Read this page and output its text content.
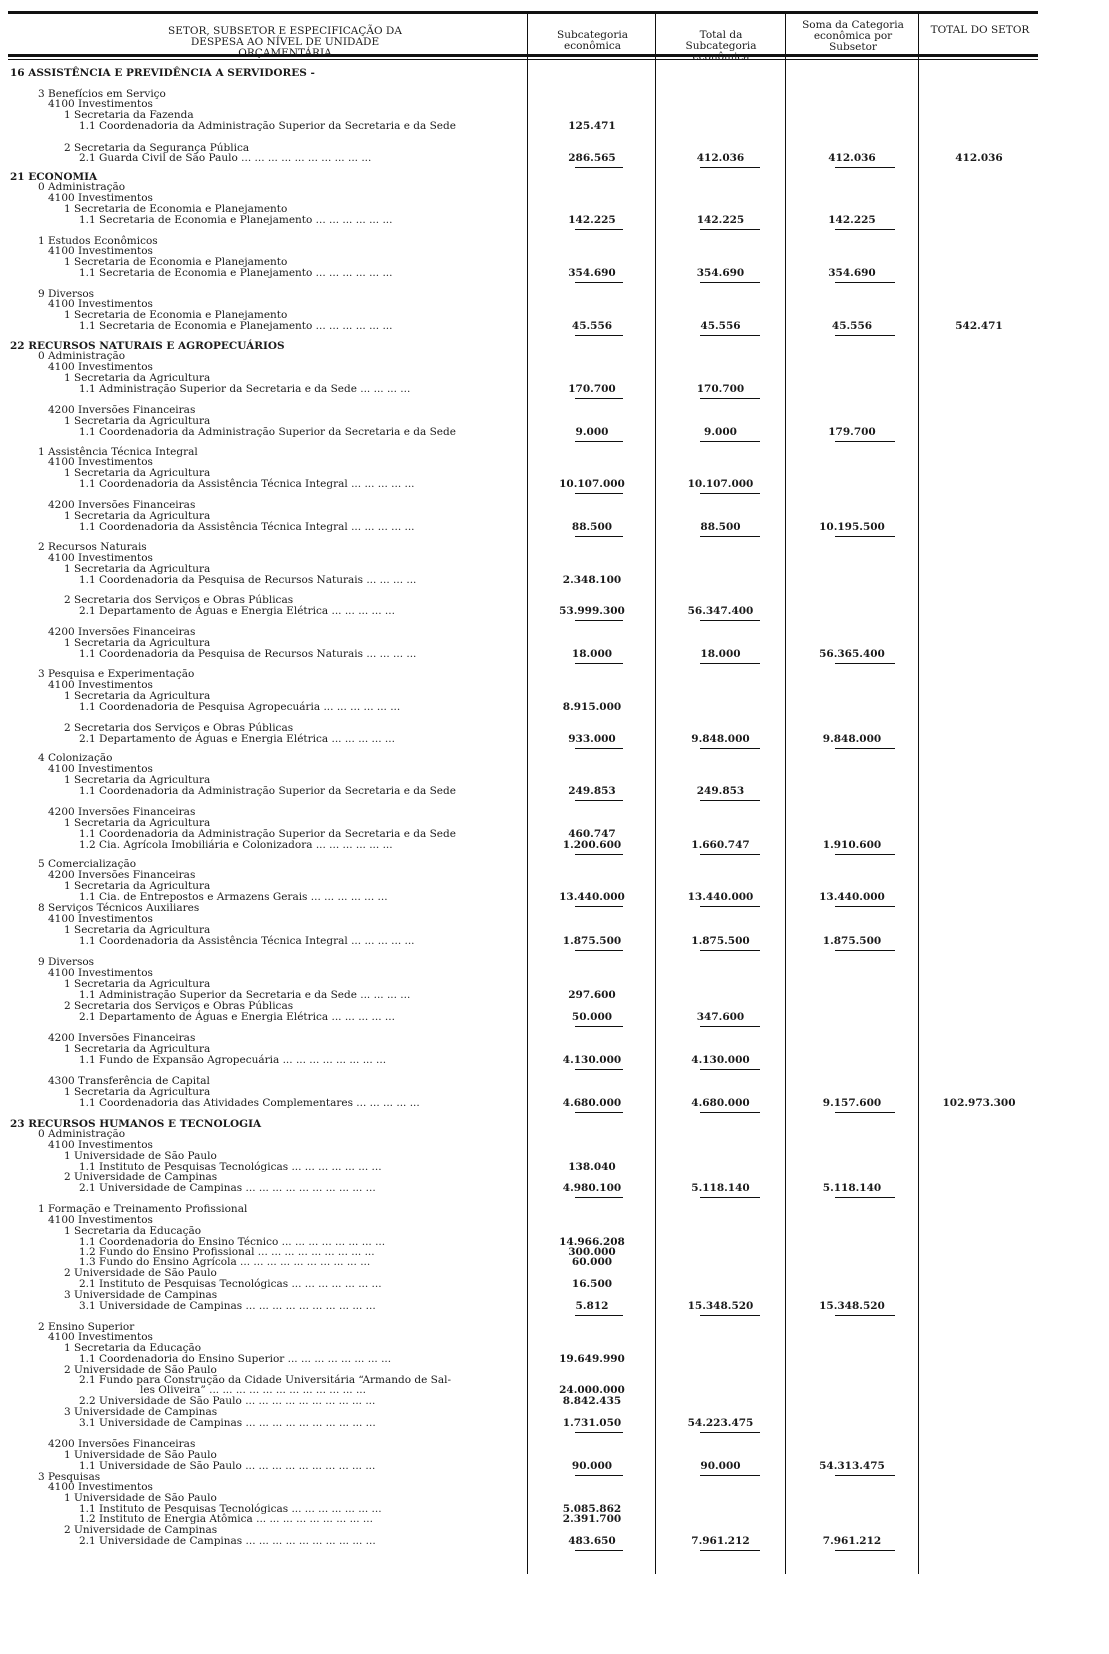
SETOR, SUBSETOR E ESPECIFICAÇÃO DA DESPESA AO NÍVEL DE UNIDADE ORÇAMENTÁRIA
Subcategoria econômica
Total da Subcategoria econômica
Soma da Categoria econômica por Subsetor
TOTAL DO SETOR
16 ASSISTÊNCIA E PREVIDÊNCIA A SERVIDORES -
3 Benefícios em Serviço
4100 Investimentos
1 Secretaria da Fazenda
1.1 Coordenadoria da Administração Superior da Secretaria e da Sede	125.471
2 Secretaria da Segurança Pública
2.1 Guarda Civil de São Paulo ... ... ... ... ... ... ... ... ... ...	286.565	412.036	412.036	412.036
21 ECONOMIA
0 Administração
4100 Investimentos
1 Secretaria de Economia e Planejamento
1.1 Secretaria de Economia e Planejamento ... ... ... ... ... ...	142.225	142.225	142.225
1 Estudos Econômicos
4100 Investimentos
1 Secretaria de Economia e Planejamento
1.1 Secretaria de Economia e Planejamento ... ... ... ... ... ...	354.690	354.690	354.690
9 Diversos
4100 Investimentos
1 Secretaria de Economia e Planejamento
1.1 Secretaria de Economia e Planejamento ... ... ... ... ... ...	45.556	45.556	45.556	542.471
22 RECURSOS NATURAIS E AGROPECUÁRIOS
0 Administração
4100 Investimentos
1 Secretaria da Agricultura
1.1 Administração Superior da Secretaria e da Sede ... ... ... ...	170.700	170.700
4200 Inversões Financeiras
1 Secretaria da Agricultura
1.1 Coordenadoria da Administração Superior da Secretaria e da Sede	9.000	9.000	179.700
1 Assistência Técnica Integral
4100 Investimentos
1 Secretaria da Agricultura
1.1 Coordenadoria da Assistência Técnica Integral ... ... ... ... ...	10.107.000	10.107.000
4200 Inversões Financeiras
1 Secretaria da Agricultura
1.1 Coordenadoria da Assistência Técnica Integral ... ... ... ... ...	88.500	88.500	10.195.500
2 Recursos Naturais
4100 Investimentos
1 Secretaria da Agricultura
1.1 Coordenadoria da Pesquisa de Recursos Naturais ... ... ... ...	2.348.100
2 Secretaria dos Serviços e Obras Públicas
2.1 Departamento de Águas e Energia Elétrica ... ... ... ... ...	53.999.300	56.347.400
4200 Inversões Financeiras
1 Secretaria da Agricultura
1.1 Coordenadoria da Pesquisa de Recursos Naturais ... ... ... ...	18.000	18.000	56.365.400
3 Pesquisa e Experimentação
4100 Investimentos
1 Secretaria da Agricultura
1.1 Coordenadoria de Pesquisa Agropecuária ... ... ... ... ... ...	8.915.000
2 Secretaria dos Serviços e Obras Públicas
2.1 Departamento de Águas e Energia Elétrica ... ... ... ... ...	933.000	9.848.000	9.848.000
4 Colonização
4100 Investimentos
1 Secretaria da Agricultura
1.1 Coordenadoria da Administração Superior da Secretaria e da Sede	249.853	249.853
4200 Inversões Financeiras
1 Secretaria da Agricultura
1.1 Coordenadoria da Administração Superior da Secretaria e da Sede	460.747
1.2 Cia. Agrícola Imobiliária e Colonizadora ... ... ... ... ... ...	1.200.600	1.660.747	1.910.600
5 Comercialização
4200 Inversões Financeiras
1 Secretaria da Agricultura
1.1 Cia. de Entrepostos e Armazens Gerais ... ... ... ... ... ...	13.440.000	13.440.000	13.440.000
8 Serviços Técnicos Auxiliares
4100 Investimentos
1 Secretaria da Agricultura
1.1 Coordenadoria da Assistência Técnica Integral ... ... ... ... ...	1.875.500	1.875.500	1.875.500
9 Diversos
4100 Investimentos
1 Secretaria da Agricultura
1.1 Administração Superior da Secretaria e da Sede ... ... ... ...	297.600
2 Secretaria dos Serviços e Obras Públicas
2.1 Departamento de Águas e Energia Elétrica ... ... ... ... ...	50.000	347.600
4200 Inversões Financeiras
1 Secretaria da Agricultura
1.1 Fundo de Expansão Agropecuária ... ... ... ... ... ... ... ...	4.130.000	4.130.000
4300 Transferência de Capital
1 Secretaria da Agricultura
1.1 Coordenadoria das Atividades Complementares ... ... ... ... ...	4.680.000	4.680.000	9.157.600	102.973.300
23 RECURSOS HUMANOS E TECNOLOGIA
0 Administração
4100 Investimentos
1 Universidade de São Paulo
1.1 Instituto de Pesquisas Tecnológicas ... ... ... ... ... ... ...	138.040
2 Universidade de Campinas
2.1 Universidade de Campinas ... ... ... ... ... ... ... ... ... ...	4.980.100	5.118.140	5.118.140
1 Formação e Treinamento Profissional
4100 Investimentos
1 Secretaria da Educação
1.1 Coordenadoria do Ensino Técnico ... ... ... ... ... ... ... ...	14.966.208
1.2 Fundo do Ensino Profissional ... ... ... ... ... ... ... ... ...	300.000
1.3 Fundo do Ensino Agrícola ... ... ... ... ... ... ... ... ... ...	60.000
2 Universidade de São Paulo
2.1 Instituto de Pesquisas Tecnológicas ... ... ... ... ... ... ...	16.500
3 Universidade de Campinas
3.1 Universidade de Campinas ... ... ... ... ... ... ... ... ... ...	5.812	15.348.520	15.348.520
2 Ensino Superior
4100 Investimentos
1 Secretaria da Educação
1.1 Coordenadoria do Ensino Superior ... ... ... ... ... ... ... ...	19.649.990
2 Universidade de São Paulo
2.1 Fundo para Construção da Cidade Universitária “Armando de Sal-
les Oliveira” ... ... ... ... ... ... ... ... ... ... ... ...	24.000.000
2.2 Universidade de São Paulo ... ... ... ... ... ... ... ... ... ...	8.842.435
3 Universidade de Campinas
3.1 Universidade de Campinas ... ... ... ... ... ... ... ... ... ...	1.731.050	54.223.475
4200 Inversões Financeiras
1 Universidade de São Paulo
1.1 Universidade de São Paulo ... ... ... ... ... ... ... ... ... ...	90.000	90.000	54.313.475
3 Pesquisas
4100 Investimentos
1 Universidade de São Paulo
1.1 Instituto de Pesquisas Tecnológicas ... ... ... ... ... ... ...	5.085.862
1.2 Instituto de Energia Atômica ... ... ... ... ... ... ... ... ...	2.391.700
2 Universidade de Campinas
2.1 Universidade de Campinas ... ... ... ... ... ... ... ... ... ...	483.650	7.961.212	7.961.212
